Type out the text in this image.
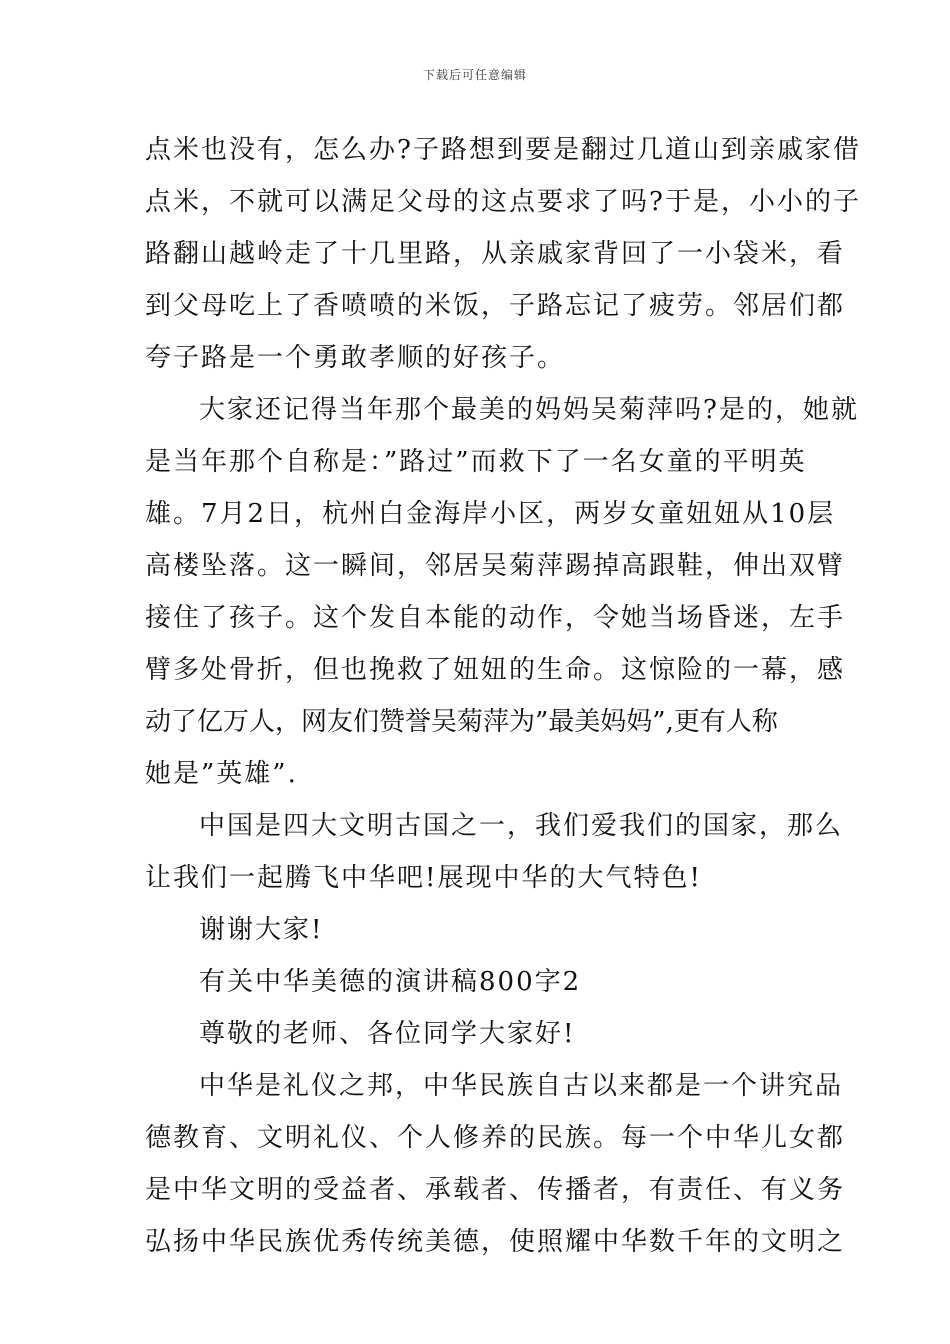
下载后可任意编辑
点米也没有，怎么办?子路想到要是翻过几道山到亲戚家借
点米，不就可以满足父母的这点要求了吗?于是，小小的子
路翻山越岭走了十几里路，从亲戚家背回了一小袋米，看
到父母吃上了香喷喷的米饭，子路忘记了疲劳。邻居们都
夸子路是一个勇敢孝顺的好孩子。
大家还记得当年那个最美的妈妈吴菊萍吗?是的，她就
是当年那个自称是：”路过”而救下了一名女童的平明英
雄。7月2日，杭州白金海岸小区，两岁女童妞妞从10层
高楼坠落。这一瞬间，邻居吴菊萍踢掉高跟鞋，伸出双臂
接住了孩子。这个发自本能的动作，令她当场昏迷，左手
臂多处骨折，但也挽救了妞妞的生命。这惊险的一幕，感
动了亿万人，网友们赞誉吴菊萍为”最美妈妈”,更有人称
她是”英雄”.
中国是四大文明古国之一，我们爱我们的国家，那么
让我们一起腾飞中华吧!展现中华的大气特色!
谢谢大家!
有关中华美德的演讲稿800字2
尊敬的老师、各位同学大家好!
中华是礼仪之邦，中华民族自古以来都是一个讲究品
德教育、文明礼仪、个人修养的民族。每一个中华儿女都
是中华文明的受益者、承载者、传播者，有责任、有义务
弘扬中华民族优秀传统美德，使照耀中华数千年的文明之
